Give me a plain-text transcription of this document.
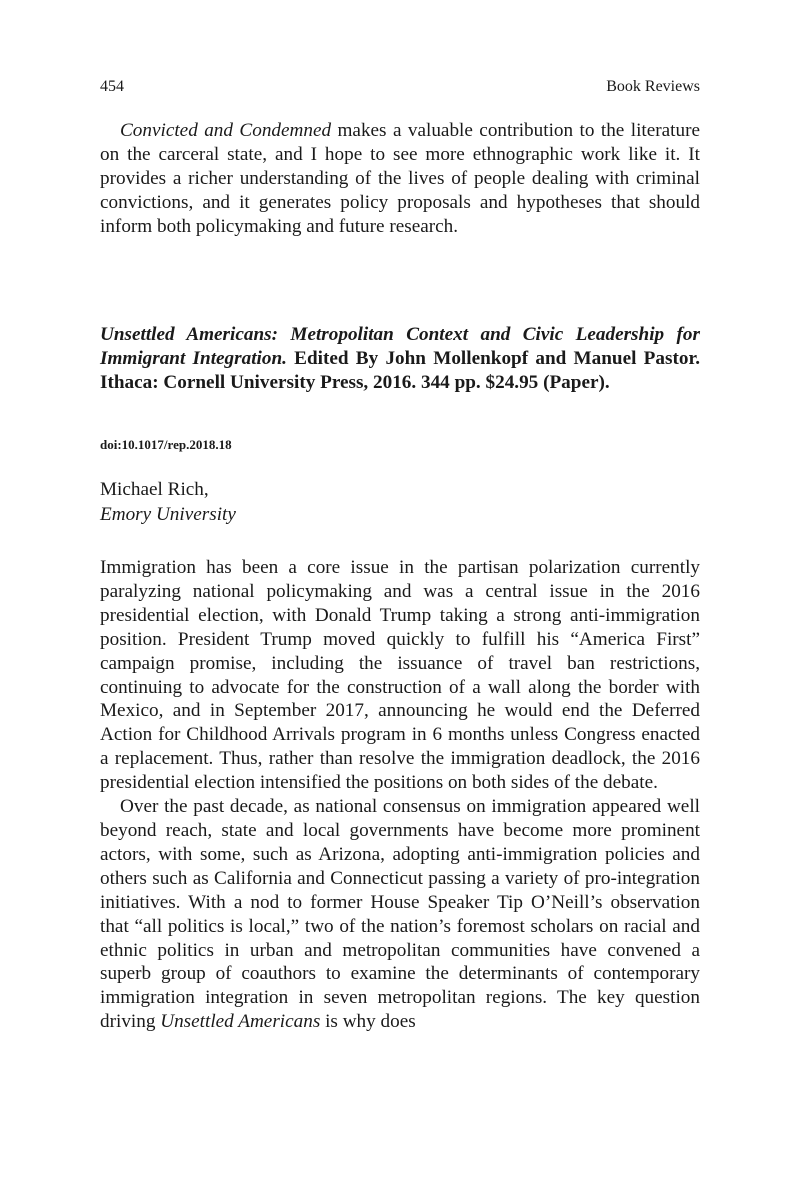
454	Book Reviews

Convicted and Condemned makes a valuable contribution to the literature on the carceral state, and I hope to see more ethnographic work like it. It provides a richer understanding of the lives of people dealing with criminal convictions, and it generates policy proposals and hypotheses that should inform both policymaking and future research.

Unsettled Americans: Metropolitan Context and Civic Leadership for Immigrant Integration. Edited By John Mollenkopf and Manuel Pastor. Ithaca: Cornell University Press, 2016. 344 pp. $24.95 (Paper).

doi:10.1017/rep.2018.18
Michael Rich,
Emory University

Immigration has been a core issue in the partisan polarization currently paralyzing national policymaking and was a central issue in the 2016 presidential election, with Donald Trump taking a strong anti-immigration position. President Trump moved quickly to fulfill his “America First” campaign promise, including the issuance of travel ban restrictions, continuing to advocate for the construction of a wall along the border with Mexico, and in September 2017, announcing he would end the Deferred Action for Childhood Arrivals program in 6 months unless Congress enacted a replacement. Thus, rather than resolve the immigration deadlock, the 2016 presidential election intensified the positions on both sides of the debate.

Over the past decade, as national consensus on immigration appeared well beyond reach, state and local governments have become more prominent actors, with some, such as Arizona, adopting anti-immigration policies and others such as California and Connecticut passing a variety of pro-integration initiatives. With a nod to former House Speaker Tip O’Neill’s observation that “all politics is local,” two of the nation’s foremost scholars on racial and ethnic politics in urban and metropolitan communities have convened a superb group of coauthors to examine the determinants of contemporary immigration integration in seven metropolitan regions. The key question driving Unsettled Americans is why does
